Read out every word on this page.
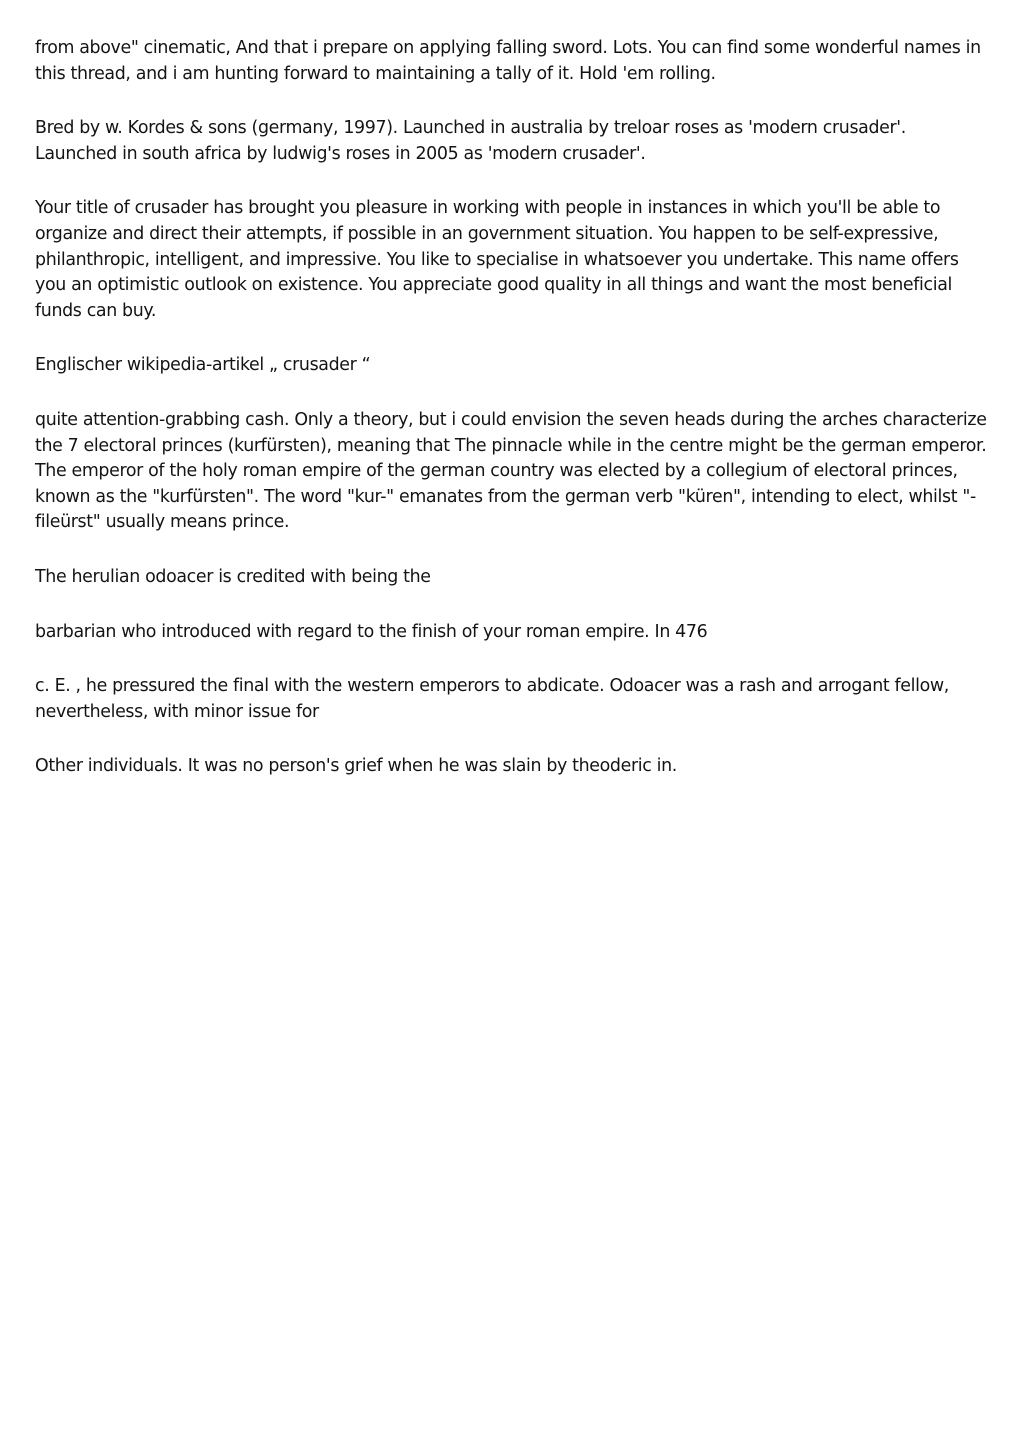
from above" cinematic, And that i prepare on applying falling sword. Lots. You can find some wonderful names in this thread, and i am hunting forward to maintaining a tally of it. Hold 'em rolling.

Bred by w. Kordes & sons (germany, 1997). Launched in australia by treloar roses as 'modern crusader'. Launched in south africa by ludwig's roses in 2005 as 'modern crusader'.

Your title of crusader has brought you pleasure in working with people in instances in which you'll be able to organize and direct their attempts, if possible in an government situation. You happen to be self-expressive, philanthropic, intelligent, and impressive. You like to specialise in whatsoever you undertake. This name offers you an optimistic outlook on existence. You appreciate good quality in all things and want the most beneficial funds can buy.

Englischer wikipedia-artikel „ crusader “

quite attention-grabbing cash. Only a theory, but i could envision the seven heads during the arches characterize the 7 electoral princes (kurfürsten), meaning that The pinnacle while in the centre might be the german emperor. The emperor of the holy roman empire of the german country was elected by a collegium of electoral princes, known as the "kurfürsten". The word "kur-" emanates from the german verb "küren", intending to elect, whilst "-fileürst" usually means prince.

The herulian odoacer is credited with being the

barbarian who introduced with regard to the finish of your roman empire. In 476

c. E. , he pressured the final with the western emperors to abdicate. Odoacer was a rash and arrogant fellow, nevertheless, with minor issue for

Other individuals. It was no person's grief when he was slain by theoderic in.
